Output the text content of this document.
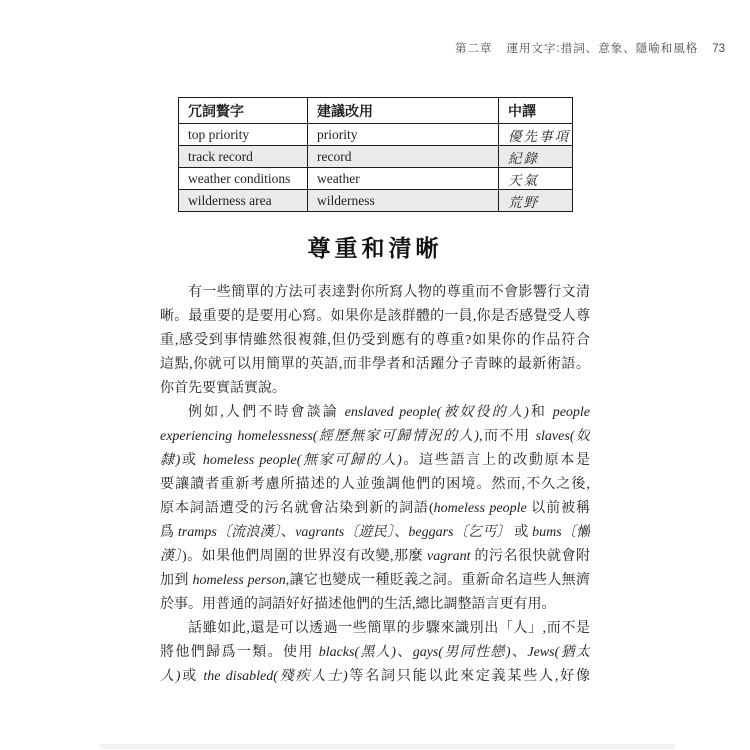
第二章 運用文字:措詞、意象、隱喻和風格 73
冗詞贅字	建議改用	中譯
top priority	priority	優先事項
track record	record	紀錄
weather conditions	weather	天氣
wilderness area	wilderness	荒野
尊重和清晰
有一些簡單的方法可表達對你所寫人物的尊重而不會影響行文清
晰。最重要的是要用心寫。如果你是該群體的一員,你是否感覺受人尊
重,感受到事情雖然很複雜,但仍受到應有的尊重?如果你的作品符合
這點,你就可以用簡單的英語,而非學者和活躍分子青睞的最新術語。
你首先要實話實說。
例如,人們不時會談論 enslaved people(被奴役的人)和 people
experiencing homelessness(經歷無家可歸情況的人),而不用 slaves(奴
隸)或 homeless people(無家可歸的人)。這些語言上的改動原本是
要讓讀者重新考慮所描述的人並強調他們的困境。然而,不久之後,
原本詞語遭受的污名就會沾染到新的詞語(homeless people 以前被稱
爲 tramps〔流浪漢〕、vagrants〔遊民〕、beggars〔乞丐〕 或 bums〔懶
漢〕)。如果他們周圍的世界沒有改變,那麼 vagrant 的污名很快就會附
加到 homeless person,讓它也變成一種貶義之詞。重新命名這些人無濟
於事。用普通的詞語好好描述他們的生活,總比調整語言更有用。
話雖如此,還是可以透過一些簡單的步驟來識別出「人」,而不是
將他們歸爲一類。使用 blacks(黑人)、gays(男同性戀)、Jews(猶太
人)或 the disabled(殘疾人士)等名詞只能以此來定義某些人,好像
